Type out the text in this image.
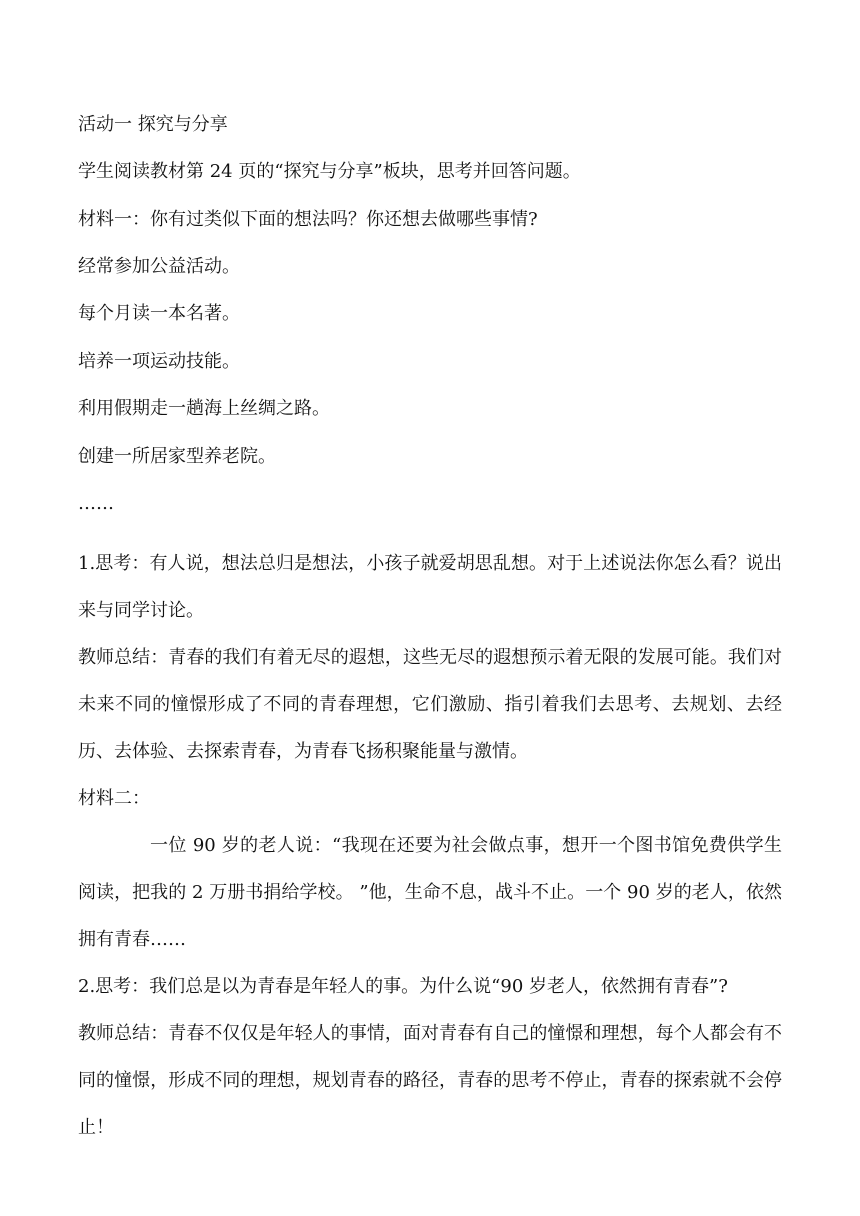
活动一 探究与分享

学生阅读教材第 24 页的“探究与分享”板块，思考并回答问题。

材料一：你有过类似下面的想法吗？你还想去做哪些事情?

经常参加公益活动。

每个月读一本名著。

培养一项运动技能。

利用假期走一趟海上丝绸之路。

创建一所居家型养老院。

……

1.思考：有人说，想法总归是想法，小孩子就爱胡思乱想。对于上述说法你怎么看？说出来与同学讨论。

教师总结：青春的我们有着无尽的遐想，这些无尽的遐想预示着无限的发展可能。我们对未来不同的憧憬形成了不同的青春理想，它们激励、指引着我们去思考、去规划、去经历、去体验、去探索青春，为青春飞扬积聚能量与激情。

材料二：

一位 90 岁的老人说：“我现在还要为社会做点事，想开一个图书馆免费供学生阅读，把我的 2 万册书捐给学校。 ”他，生命不息，战斗不止。一个 90 岁的老人，依然拥有青春……

2.思考：我们总是以为青春是年轻人的事。为什么说“90 岁老人，依然拥有青春”?

教师总结：青春不仅仅是年轻人的事情，面对青春有自己的憧憬和理想，每个人都会有不同的憧憬，形成不同的理想，规划青春的路径，青春的思考不停止，青春的探索就不会停止！
